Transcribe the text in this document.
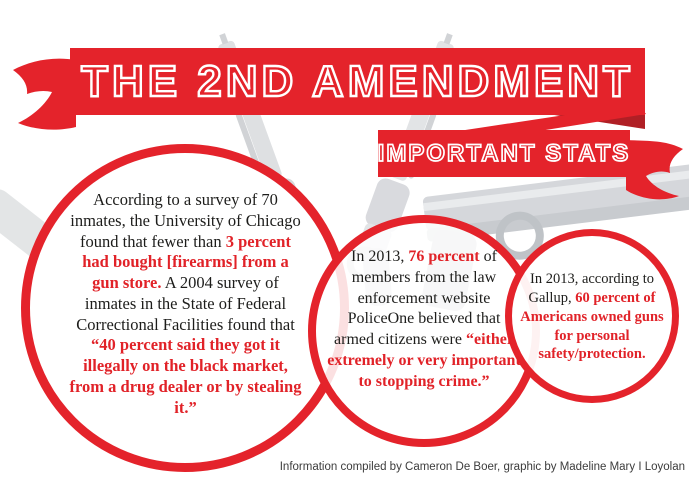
THE 2ND AMENDMENT
IMPORTANT STATS
According to a survey of 70 inmates, the University of Chicago found that fewer than 3 percent had bought [firearms] from a gun store. A 2004 survey of inmates in the State of Federal Correctional Facilities found that “40 percent said they got it illegally on the black market, from a drug dealer or by stealing it.”
In 2013, 76 percent of members from the law enforcement website PoliceOne believed that armed citizens were “either extremely or very important to stopping crime.”
In 2013, according to Gallup, 60 percent of Americans owned guns for personal safety/protection.
Information compiled by Cameron De Boer, graphic by Madeline Mary I Loyolan
